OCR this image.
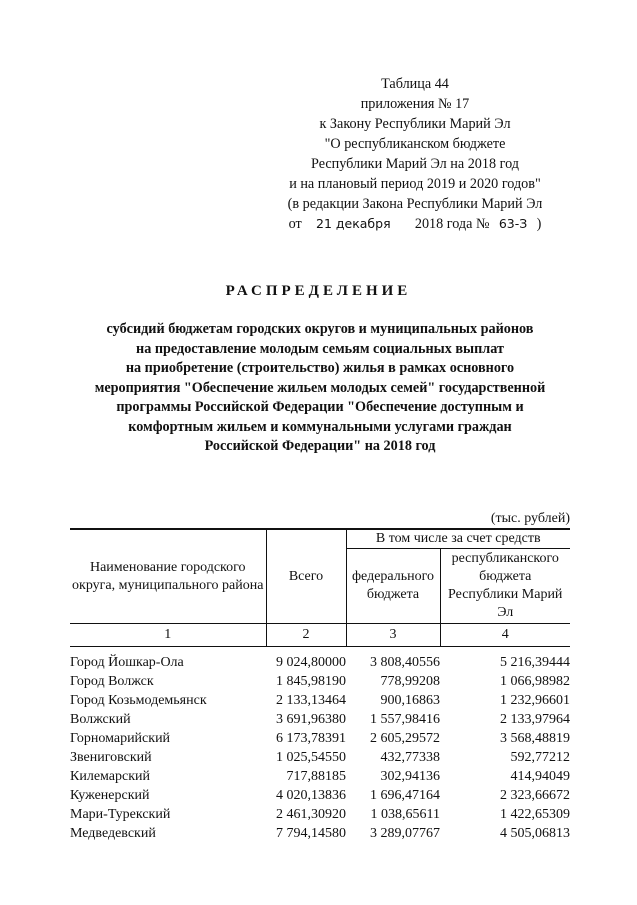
Таблица 44
приложения № 17
к Закону Республики Марий Эл
"О республиканском бюджете
Республики Марий Эл на 2018 год
и на плановый период 2019 и 2020 годов"
(в редакции Закона Республики Марий Эл
от 21 декабря 2018 года № 63-З )
РАСПРЕДЕЛЕНИЕ
субсидий бюджетам городских округов и муниципальных районов
на предоставление молодым семьям социальных выплат
на приобретение (строительство) жилья в рамках основного
мероприятия "Обеспечение жильем молодых семей" государственной
программы Российской Федерации "Обеспечение доступным и
комфортным жильем и коммунальными услугами граждан
Российской Федерации" на 2018 год
(тыс. рублей)
Наименование городского округа, муниципального района	Всего	В том числе за счет средств	
		федерального бюджета	республиканского бюджета Республики Марий Эл
1	2	3	4

Город Йошкар-Ола	9 024,80000	3 808,40556	5 216,39444
Город Волжск	1 845,98190	778,99208	1 066,98982
Город Козьмодемьянск	2 133,13464	900,16863	1 232,96601
Волжский	3 691,96380	1 557,98416	2 133,97964
Горномарийский	6 173,78391	2 605,29572	3 568,48819
Звениговский	1 025,54550	432,77338	592,77212
Килемарский	717,88185	302,94136	414,94049
Куженерский	4 020,13836	1 696,47164	2 323,66672
Мари-Турекский	2 461,30920	1 038,65611	1 422,65309
Медведевский	7 794,14580	3 289,07767	4 505,06813
